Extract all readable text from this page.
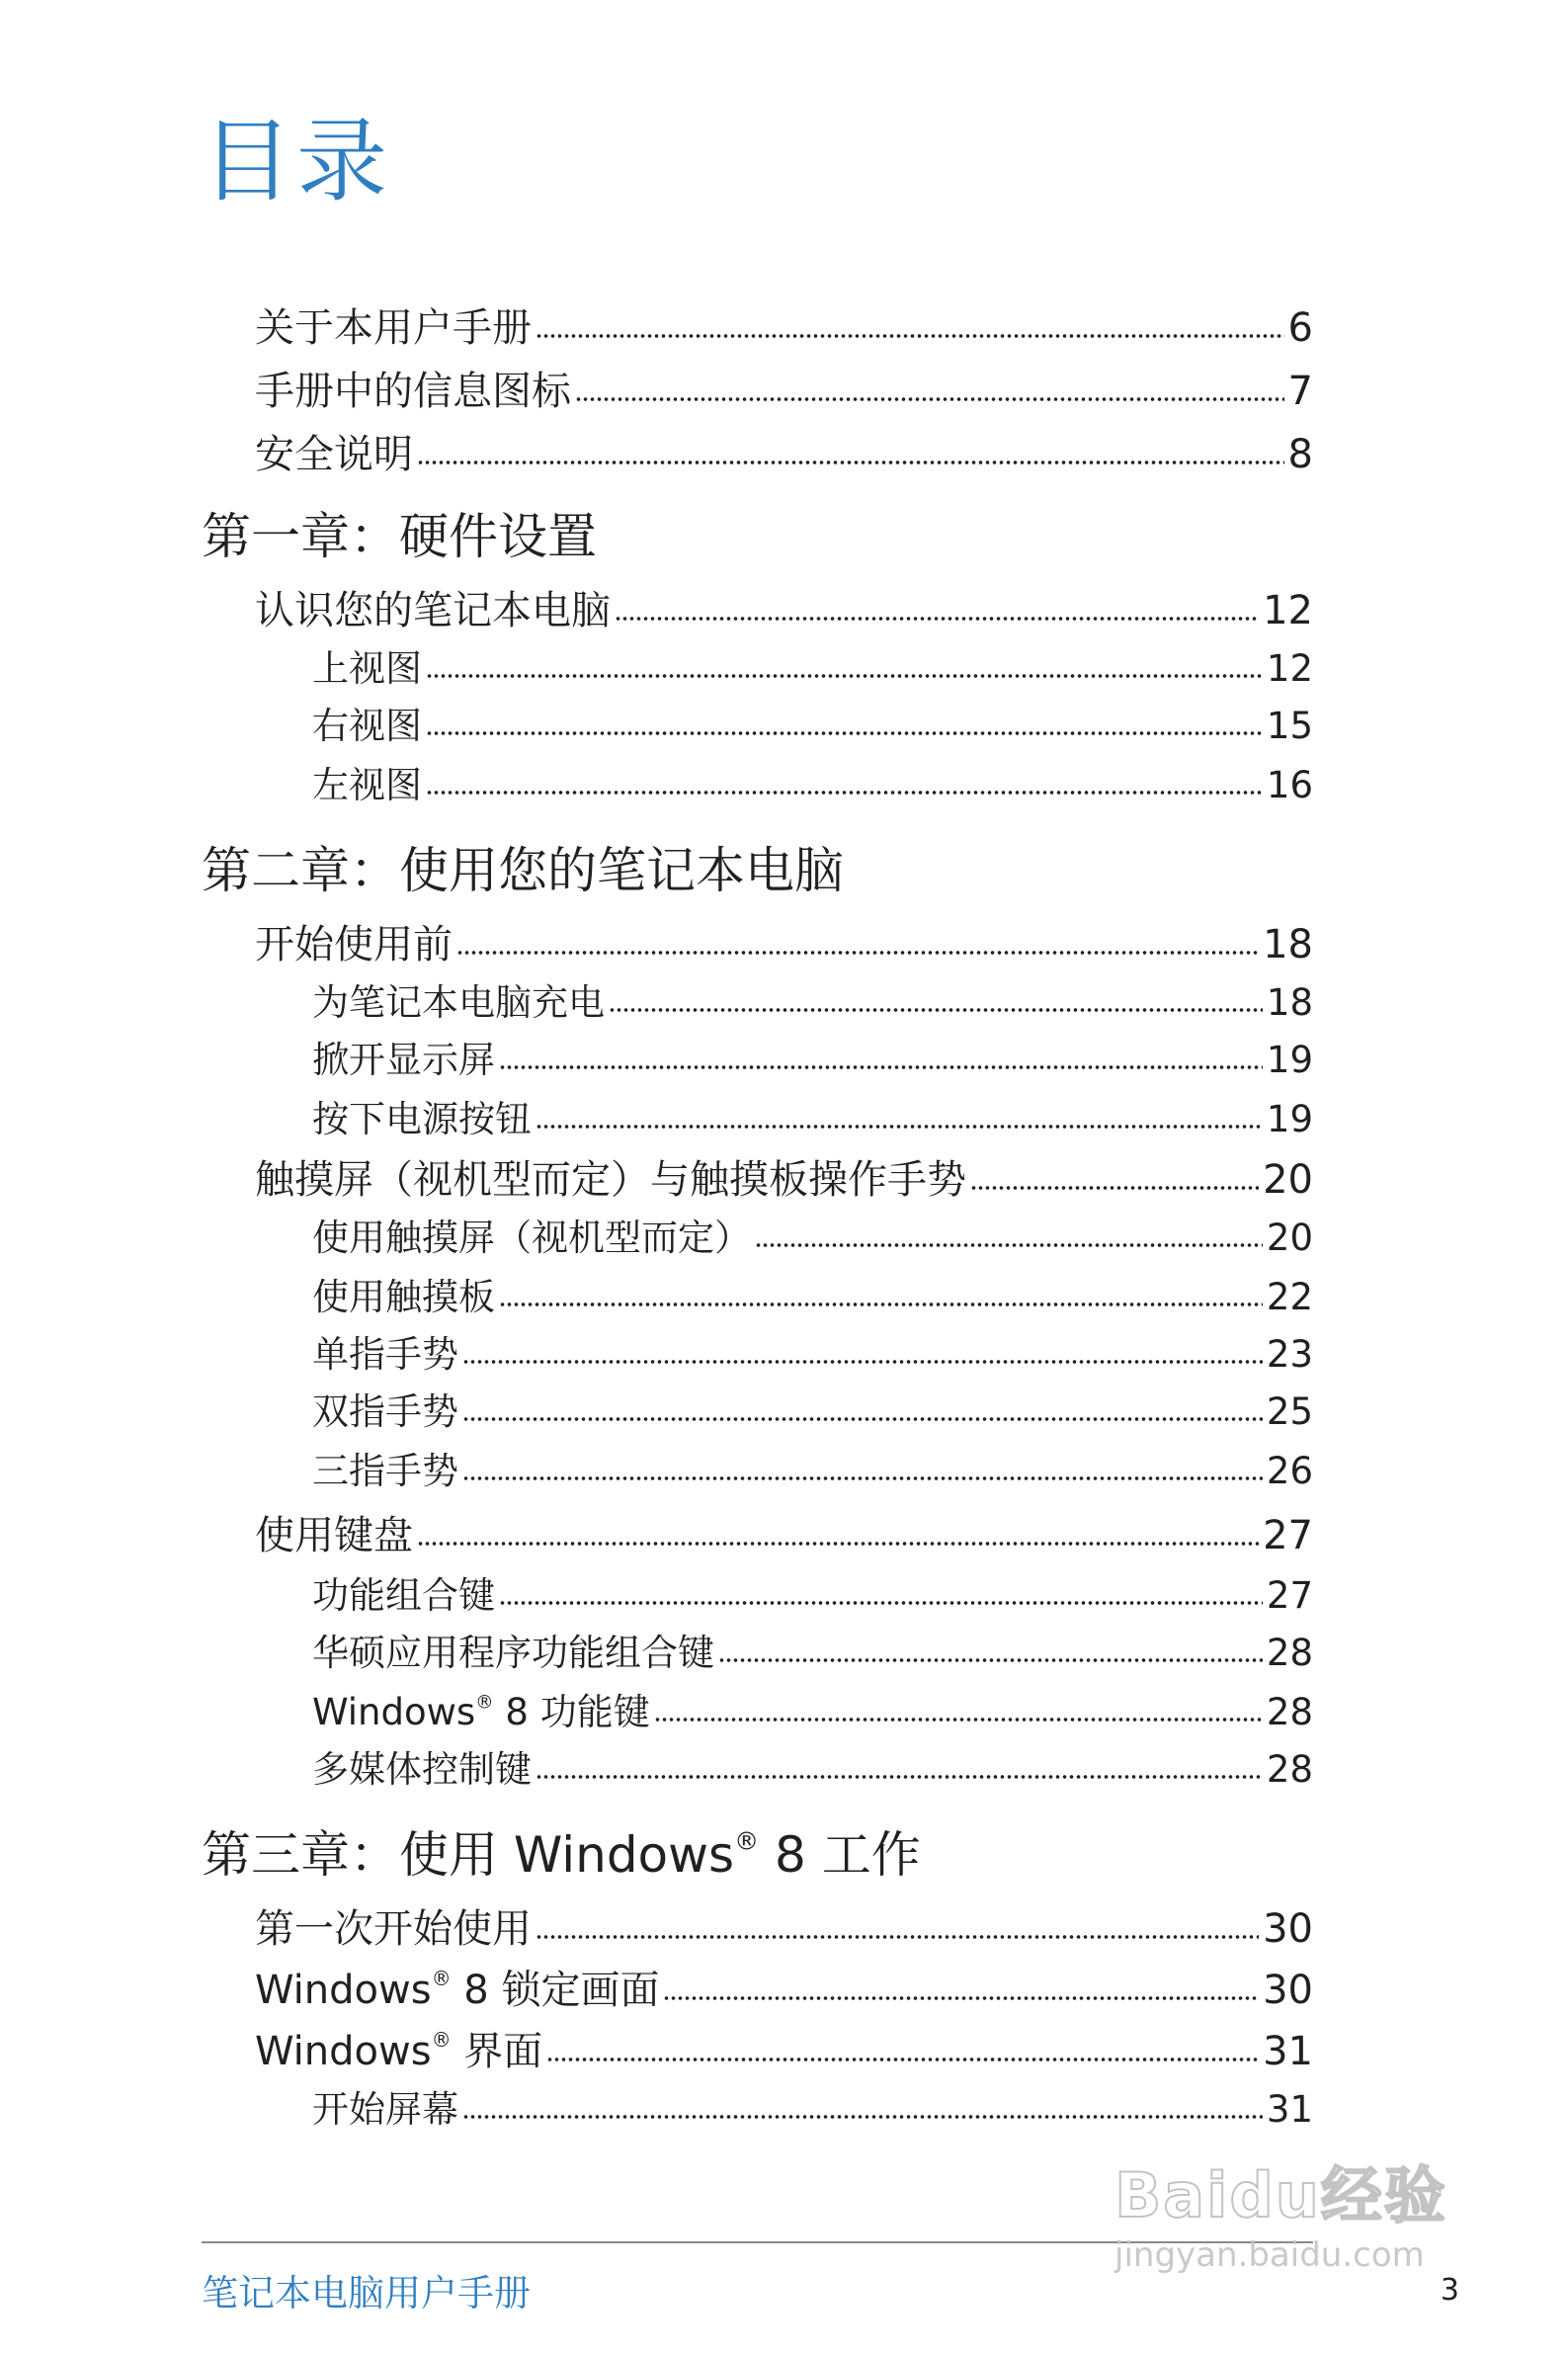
目录
关于本用户手册	6
手册中的信息图标	7
安全说明	8
第一章：硬件设置
认识您的笔记本电脑	12
上视图	12
右视图	15
左视图	16
第二章：使用您的笔记本电脑
开始使用前	18
为笔记本电脑充电	18
掀开显示屏	19
按下电源按钮	19
触摸屏（视机型而定）与触摸板操作手势	20
使用触摸屏（视机型而定）	20
使用触摸板	22
单指手势	23
双指手势	25
三指手势	26
使用键盘	27
功能组合键	27
华硕应用程序功能组合键	28
Windows® 8 功能键	28
多媒体控制键	28
第三章：使用 Windows® 8 工作
第一次开始使用	30
Windows® 8 锁定画面	30
Windows® 界面	31
开始屏幕	31
笔记本电脑用户手册	3
Baidu经验
jingyan.baidu.com
